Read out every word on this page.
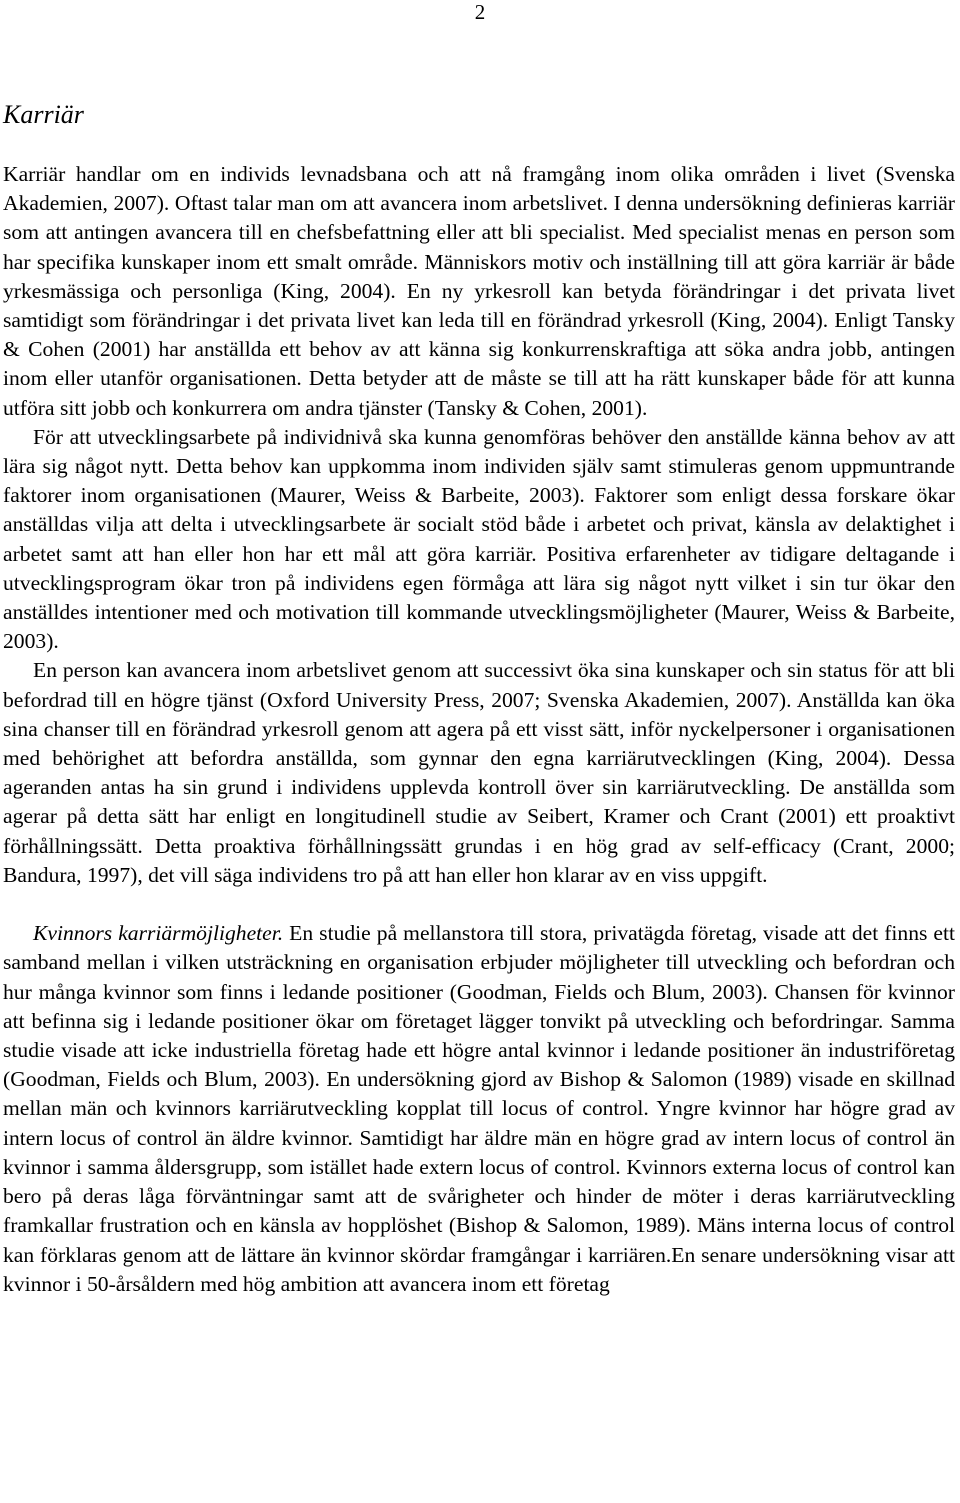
2
Karriär

Karriär handlar om en individs levnadsbana och att nå framgång inom olika områden i livet (Svenska Akademien, 2007). Oftast talar man om att avancera inom arbetslivet. I denna undersökning definieras karriär som att antingen avancera till en chefsbefattning eller att bli specialist. Med specialist menas en person som har specifika kunskaper inom ett smalt område. Människors motiv och inställning till att göra karriär är både yrkesmässiga och personliga (King, 2004). En ny yrkesroll kan betyda förändringar i det privata livet samtidigt som förändringar i det privata livet kan leda till en förändrad yrkesroll (King, 2004). Enligt Tansky & Cohen (2001) har anställda ett behov av att känna sig konkurrenskraftiga att söka andra jobb, antingen inom eller utanför organisationen. Detta betyder att de måste se till att ha rätt kunskaper både för att kunna utföra sitt jobb och konkurrera om andra tjänster (Tansky & Cohen, 2001).

För att utvecklingsarbete på individnivå ska kunna genomföras behöver den anställde känna behov av att lära sig något nytt. Detta behov kan uppkomma inom individen själv samt stimuleras genom uppmuntrande faktorer inom organisationen (Maurer, Weiss & Barbeite, 2003). Faktorer som enligt dessa forskare ökar anställdas vilja att delta i utvecklingsarbete är socialt stöd både i arbetet och privat, känsla av delaktighet i arbetet samt att han eller hon har ett mål att göra karriär. Positiva erfarenheter av tidigare deltagande i utvecklingsprogram ökar tron på individens egen förmåga att lära sig något nytt vilket i sin tur ökar den anställdes intentioner med och motivation till kommande utvecklingsmöjligheter (Maurer, Weiss & Barbeite, 2003).

En person kan avancera inom arbetslivet genom att successivt öka sina kunskaper och sin status för att bli befordrad till en högre tjänst (Oxford University Press, 2007; Svenska Akademien, 2007). Anställda kan öka sina chanser till en förändrad yrkesroll genom att agera på ett visst sätt, inför nyckelpersoner i organisationen med behörighet att befordra anställda, som gynnar den egna karriärutvecklingen (King, 2004). Dessa ageranden antas ha sin grund i individens upplevda kontroll över sin karriärutveckling. De anställda som agerar på detta sätt har enligt en longitudinell studie av Seibert, Kramer och Crant (2001) ett proaktivt förhållningssätt. Detta proaktiva förhållningssätt grundas i en hög grad av self-efficacy (Crant, 2000; Bandura, 1997), det vill säga individens tro på att han eller hon klarar av en viss uppgift.

Kvinnors karriärmöjligheter. En studie på mellanstora till stora, privatägda företag, visade att det finns ett samband mellan i vilken utsträckning en organisation erbjuder möjligheter till utveckling och befordran och hur många kvinnor som finns i ledande positioner (Goodman, Fields och Blum, 2003). Chansen för kvinnor att befinna sig i ledande positioner ökar om företaget lägger tonvikt på utveckling och befordringar. Samma studie visade att icke industriella företag hade ett högre antal kvinnor i ledande positioner än industriföretag (Goodman, Fields och Blum, 2003). En undersökning gjord av Bishop & Salomon (1989) visade en skillnad mellan män och kvinnors karriärutveckling kopplat till locus of control. Yngre kvinnor har högre grad av intern locus of control än äldre kvinnor. Samtidigt har äldre män en högre grad av intern locus of control än kvinnor i samma åldersgrupp, som istället hade extern locus of control. Kvinnors externa locus of control kan bero på deras låga förväntningar samt att de svårigheter och hinder de möter i deras karriärutveckling framkallar frustration och en känsla av hopplöshet (Bishop & Salomon, 1989). Mäns interna locus of control kan förklaras genom att de lättare än kvinnor skördar framgångar i karriären.En senare undersökning visar att kvinnor i 50-årsåldern med hög ambition att avancera inom ett företag
